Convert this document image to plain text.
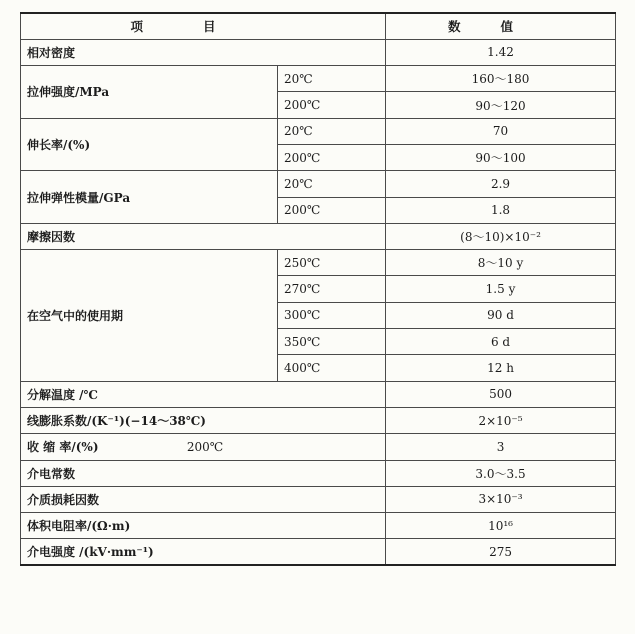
项目		数值
相对密度		1.42
拉伸强度/MPa	20℃	160～180
	200℃	90～120
伸长率/(%)	20℃	70
	200℃	90～100
拉伸弹性模量/GPa	20℃	2.9
	200℃	1.8
摩擦因数		(8～10)×10⁻²
在空气中的使用期	250℃	8～10 y
	270℃	1.5 y
	300℃	90 d
	350℃	6 d
	400℃	12 h
分解温度 /℃		500
线膨胀系数/(K⁻¹)(−14～38℃)		2×10⁻⁵
收 缩 率/(%) 200℃		3
介电常数		3.0～3.5
介质损耗因数		3×10⁻³
体积电阻率/(Ω·m)		10¹⁶
介电强度 /(kV·mm⁻¹)		275
